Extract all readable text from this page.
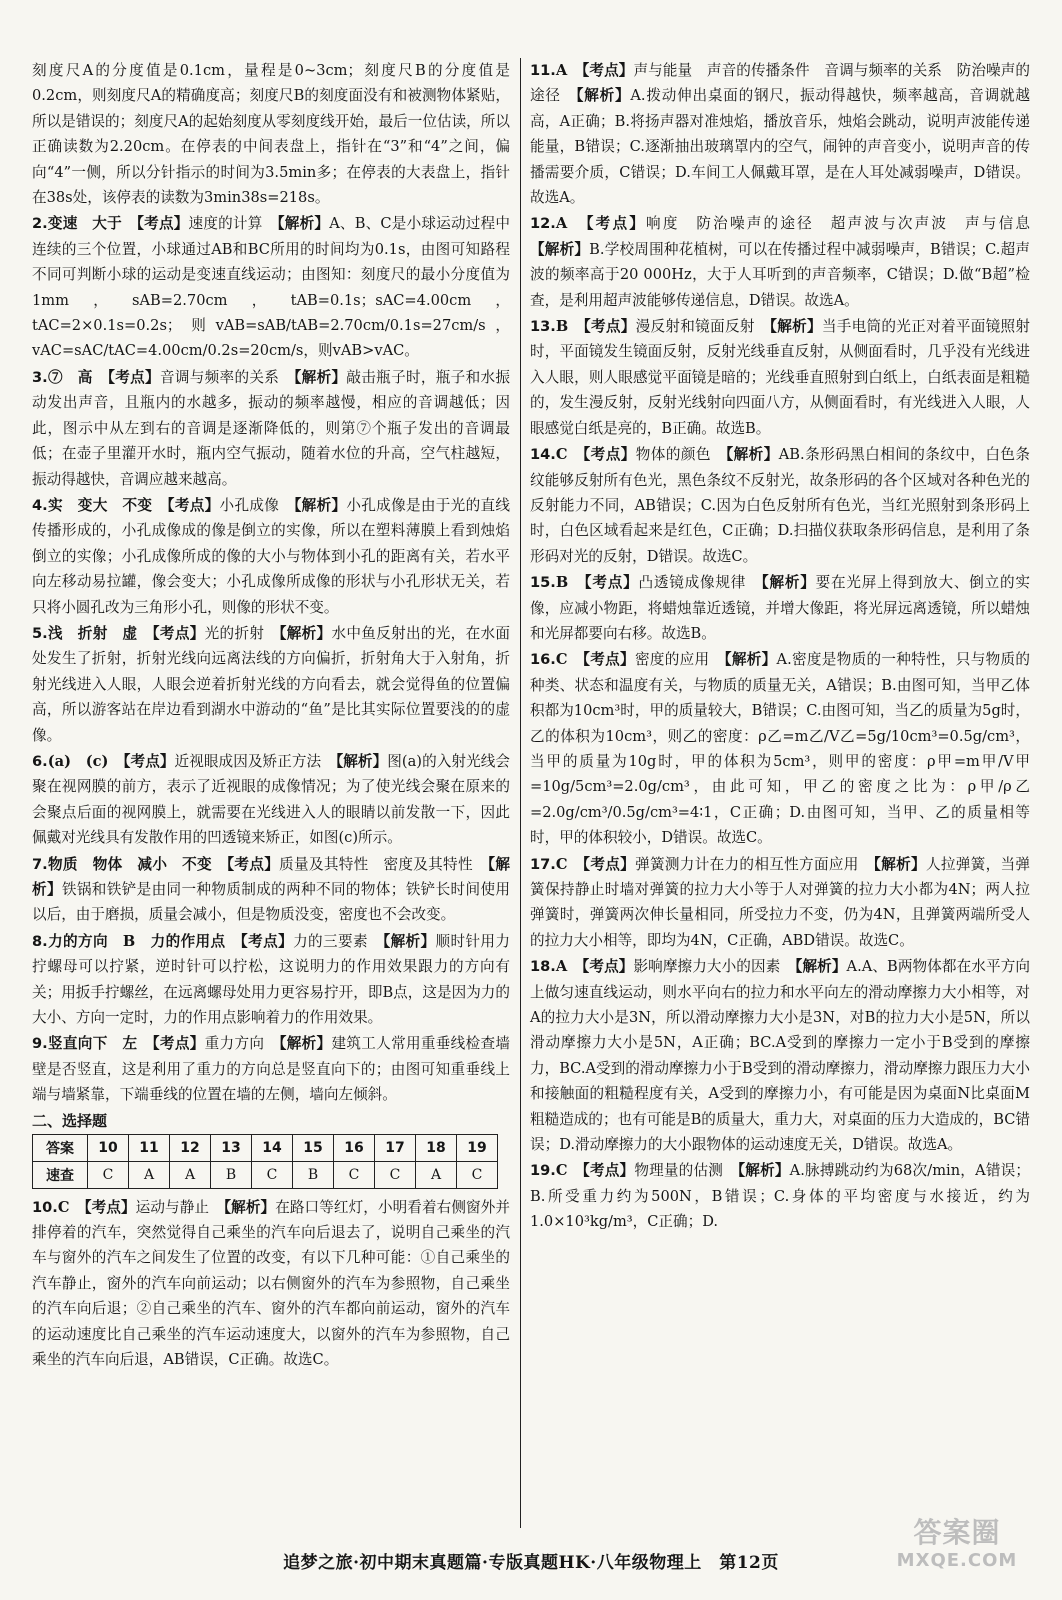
刻度尺A的分度值是0.1cm，量程是0~3cm；刻度尺B的分度值是0.2cm，则刻度尺A的精确度高；刻度尺B的刻度面没有和被测物体紧贴，所以是错误的；刻度尺A的起始刻度从零刻度线开始，最后一位估读，所以正确读数为2.20cm。在停表的中间表盘上，指针在“3”和“4”之间，偏向“4”一侧，所以分针指示的时间为3.5min多；在停表的大表盘上，指针在38s处，该停表的读数为3min38s=218s。

2.变速　大于　 【考点】速度的计算　 【解析】A、B、C是小球运动过程中连续的三个位置，小球通过AB和BC所用的时间均为0.1s，由图可知路程不同可判断小球的运动是变速直线运动；由图知：刻度尺的最小分度值为1mm，sAB=2.70cm，tAB=0.1s；sAC=4.00cm，tAC=2×0.1s=0.2s；则vAB=sAB/tAB=2.70cm/0.1s=27cm/s，vAC=sAC/tAC=4.00cm/0.2s=20cm/s，则vAB>vAC。

3.⑦　高　 【考点】音调与频率的关系　 【解析】敲击瓶子时，瓶子和水振动发出声音，且瓶内的水越多，振动的频率越慢，相应的音调越低；因此，图示中从左到右的音调是逐渐降低的，则第⑦个瓶子发出的音调最低；在壶子里灌开水时，瓶内空气振动，随着水位的升高，空气柱越短，振动得越快，音调应越来越高。

4.实　变大　不变　 【考点】小孔成像　 【解析】小孔成像是由于光的直线传播形成的，小孔成像成的像是倒立的实像，所以在塑料薄膜上看到烛焰倒立的实像；小孔成像所成的像的大小与物体到小孔的距离有关，若水平向左移动易拉罐，像会变大；小孔成像所成像的形状与小孔形状无关，若只将小圆孔改为三角形小孔，则像的形状不变。

5.浅　折射　虚　 【考点】光的折射　 【解析】水中鱼反射出的光，在水面处发生了折射，折射光线向远离法线的方向偏折，折射角大于入射角，折射光线进入人眼，人眼会逆着折射光线的方向看去，就会觉得鱼的位置偏高，所以游客站在岸边看到湖水中游动的“鱼”是比其实际位置要浅的的虚像。

6.(a)　(c)　 【考点】近视眼成因及矫正方法　 【解析】图(a)的入射光线会聚在视网膜的前方，表示了近视眼的成像情况；为了使光线会聚在原来的会聚点后面的视网膜上，就需要在光线进入人的眼睛以前发散一下，因此佩戴对光线具有发散作用的凹透镜来矫正，如图(c)所示。

7.物质　物体　减小　不变　 【考点】质量及其特性　密度及其特性　 【解析】铁锅和铁铲是由同一种物质制成的两种不同的物体；铁铲长时间使用以后，由于磨损，质量会减小，但是物质没变，密度也不会改变。

8.力的方向　B　力的作用点　 【考点】力的三要素　 【解析】顺时针用力拧螺母可以拧紧，逆时针可以拧松，这说明力的作用效果跟力的方向有关；用扳手拧螺丝，在远离螺母处用力更容易拧开，即B点，这是因为力的大小、方向一定时，力的作用点影响着力的作用效果。

9.竖直向下　左　 【考点】重力方向　 【解析】建筑工人常用重垂线检查墙壁是否竖直，这是利用了重力的方向总是竖直向下的；由图可知重垂线上端与墙紧靠，下端垂线的位置在墙的左侧，墙向左倾斜。

二、选择题
答案	10	11	12	13	14	15	16	17	18	19
速查	C	A	A	B	C	B	C	C	A	C

10.C　 【考点】运动与静止　 【解析】在路口等红灯，小明看着右侧窗外并排停着的汽车，突然觉得自己乘坐的汽车向后退去了，说明自己乘坐的汽车与窗外的汽车之间发生了位置的改变，有以下几种可能：①自己乘坐的汽车静止，窗外的汽车向前运动；以右侧窗外的汽车为参照物，自己乘坐的汽车向后退；②自己乘坐的汽车、窗外的汽车都向前运动，窗外的汽车的运动速度比自己乘坐的汽车运动速度大，以窗外的汽车为参照物，自己乘坐的汽车向后退，AB错误，C正确。故选C。

11.A　 【考点】声与能量　声音的传播条件　音调与频率的关系　防治噪声的途径　 【解析】A.拨动伸出桌面的钢尺，振动得越快，频率越高，音调就越高，A正确；B.将扬声器对准烛焰，播放音乐，烛焰会跳动，说明声波能传递能量，B错误；C.逐渐抽出玻璃罩内的空气，闹钟的声音变小，说明声音的传播需要介质，C错误；D.车间工人佩戴耳罩，是在人耳处减弱噪声，D错误。故选A。

12.A　 【考点】响度　防治噪声的途径　超声波与次声波　声与信息　【解析】B.学校周围种花植树，可以在传播过程中减弱噪声，B错误；C.超声波的频率高于20 000Hz，大于人耳听到的声音频率，C错误；D.做“B超”检查，是利用超声波能够传递信息，D错误。故选A。

13.B　 【考点】漫反射和镜面反射　 【解析】当手电筒的光正对着平面镜照射时，平面镜发生镜面反射，反射光线垂直反射，从侧面看时，几乎没有光线进入人眼，则人眼感觉平面镜是暗的；光线垂直照射到白纸上，白纸表面是粗糙的，发生漫反射，反射光线射向四面八方，从侧面看时，有光线进入人眼，人眼感觉白纸是亮的，B正确。故选B。

14.C　 【考点】物体的颜色　 【解析】AB.条形码黑白相间的条纹中，白色条纹能够反射所有色光，黑色条纹不反射光，故条形码的各个区域对各种色光的反射能力不同，AB错误；C.因为白色反射所有色光，当红光照射到条形码上时，白色区域看起来是红色，C正确；D.扫描仪获取条形码信息，是利用了条形码对光的反射，D错误。故选C。

15.B　 【考点】凸透镜成像规律　 【解析】要在光屏上得到放大、倒立的实像，应减小物距，将蜡烛靠近透镜，并增大像距，将光屏远离透镜，所以蜡烛和光屏都要向右移。故选B。

16.C　 【考点】密度的应用　 【解析】A.密度是物质的一种特性，只与物质的种类、状态和温度有关，与物质的质量无关，A错误；B.由图可知，当甲乙体积都为10cm³时，甲的质量较大，B错误；C.由图可知，当乙的质量为5g时，乙的体积为10cm³，则乙的密度：ρ乙=m乙/V乙=5g/10cm³=0.5g/cm³，当甲的质量为10g时，甲的体积为5cm³，则甲的密度：ρ甲=m甲/V甲=10g/5cm³=2.0g/cm³，由此可知，甲乙的密度之比为：ρ甲/ρ乙=2.0g/cm³/0.5g/cm³=4∶1，C正确；D.由图可知，当甲、乙的质量相等时，甲的体积较小，D错误。故选C。

17.C　 【考点】弹簧测力计在力的相互性方面应用　 【解析】人拉弹簧，当弹簧保持静止时墙对弹簧的拉力大小等于人对弹簧的拉力大小都为4N；两人拉弹簧时，弹簧两次伸长量相同，所受拉力不变，仍为4N，且弹簧两端所受人的拉力大小相等，即均为4N，C正确，ABD错误。故选C。

18.A　 【考点】影响摩擦力大小的因素　 【解析】A.A、B两物体都在水平方向上做匀速直线运动，则水平向右的拉力和水平向左的滑动摩擦力大小相等，对A的拉力大小是3N，所以滑动摩擦力大小是3N，对B的拉力大小是5N，所以滑动摩擦力大小是5N，A正确；BC.A受到的摩擦力一定小于B受到的摩擦力，BC.A受到的滑动摩擦力小于B受到的滑动摩擦力，滑动摩擦力跟压力大小和接触面的粗糙程度有关，A受到的摩擦力小，有可能是因为桌面N比桌面M粗糙造成的；也有可能是B的质量大，重力大，对桌面的压力大造成的，BC错误；D.滑动摩擦力的大小跟物体的运动速度无关，D错误。故选A。

19.C　 【考点】物理量的估测　 【解析】A.脉搏跳动约为68次/min，A错误；B.所受重力约为500N，B错误；C.身体的平均密度与水接近，约为1.0×10³kg/m³，C正确；D.

追梦之旅·初中期末真题篇·专版真题HK·八年级物理上　第12页
答案圈
MXQE.COM
